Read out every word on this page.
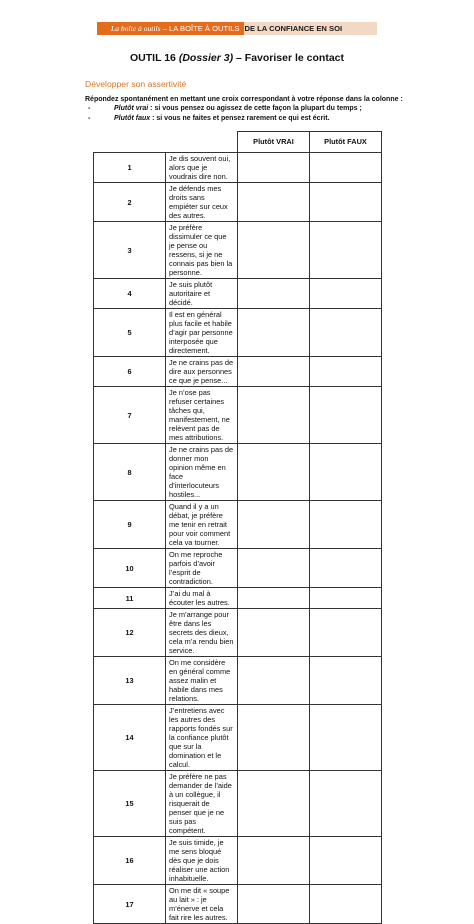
La boîte à outils – LA BOÎTE À OUTILS DE LA CONFIANCE EN SOI
OUTIL 16 (Dossier 3) – Favoriser le contact
Développer son assertivité
Répondez spontanément en mettant une croix correspondant à votre réponse dans la colonne :
-	Plutôt vrai : si vous pensez ou agissez de cette façon la plupart du temps ;
-	Plutôt faux : si vous ne faites et pensez rarement ce qui est écrit.
		Plutôt VRAI	Plutôt FAUX
1	Je dis souvent oui, alors que je voudrais dire non.		
2	Je défends mes droits sans empiéter sur ceux des autres.		
3	Je préfère dissimuler ce que je pense ou ressens, si je ne connais pas bien la personne.		
4	Je suis plutôt autoritaire et décidé.		
5	Il est en général plus facile et habile d’agir par personne interposée que directement.		
6	Je ne crains pas de dire aux personnes ce que je pense...		
7	Je n’ose pas refuser certaines tâches qui, manifestement, ne relèvent pas de mes attributions.		
8	Je ne crains pas de donner mon opinion même en face d’interlocuteurs hostiles...		
9	Quand il y a un débat, je préfère me tenir en retrait pour voir comment cela va tourner.		
10	On me reproche parfois d’avoir l’esprit de contradiction.		
11	J’ai du mal à écouter les autres.		
12	Je m’arrange pour être dans les secrets des dieux, cela m’a rendu bien service.		
13	On me considère en général comme assez malin et habile dans mes relations.		
14	J’entretiens avec les autres des rapports fondés sur la confiance plutôt que sur la domination et le calcul.		
15	Je préfère ne pas demander de l’aide à un collègue, il risquerait de penser que je ne suis pas compétent.		
16	Je suis timide, je me sens bloqué dès que je dois réaliser une action inhabituelle.		
17	On me dit « soupe au lait » : je m’énerve et cela fait rire les autres.		
